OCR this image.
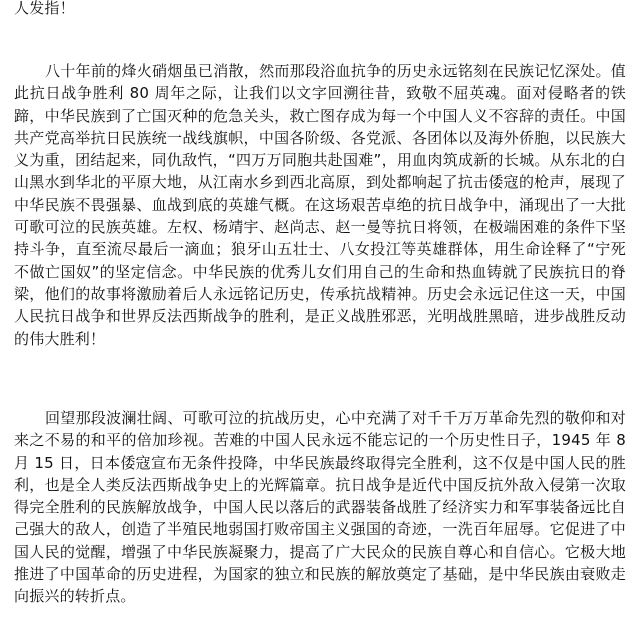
人发指！

八十年前的烽火硝烟虽已消散，然而那段浴血抗争的历史永远铭刻在民族记忆深处。值此抗日战争胜利 80 周年之际，让我们以文字回溯往昔，致敬不屈英魂。面对侵略者的铁蹄，中华民族到了亡国灭种的危急关头，救亡图存成为每一个中国人义不容辞的责任。中国共产党高举抗日民族统一战线旗帜，中国各阶级、各党派、各团体以及海外侨胞，以民族大义为重，团结起来，同仇敌忾，“四万万同胞共赴国难”，用血肉筑成新的长城。从东北的白山黑水到华北的平原大地，从江南水乡到西北高原，到处都响起了抗击倭寇的枪声，展现了中华民族不畏强暴、血战到底的英雄气概。在这场艰苦卓绝的抗日战争中，涌现出了一大批可歌可泣的民族英雄。左权、杨靖宇、赵尚志、赵一曼等抗日将领，在极端困难的条件下坚持斗争，直至流尽最后一滴血；狼牙山五壮士、八女投江等英雄群体，用生命诠释了“宁死不做亡国奴”的坚定信念。中华民族的优秀儿女们用自己的生命和热血铸就了民族抗日的脊梁，他们的故事将激励着后人永远铭记历史，传承抗战精神。历史会永远记住这一天，中国人民抗日战争和世界反法西斯战争的胜利，是正义战胜邪恶，光明战胜黑暗，进步战胜反动的伟大胜利！

回望那段波澜壮阔、可歌可泣的抗战历史，心中充满了对千千万万革命先烈的敬仰和对来之不易的和平的倍加珍视。苦难的中国人民永远不能忘记的一个历史性日子，1945 年 8 月 15 日，日本倭寇宣布无条件投降，中华民族最终取得完全胜利，这不仅是中国人民的胜利，也是全人类反法西斯战争史上的光辉篇章。抗日战争是近代中国反抗外敌入侵第一次取得完全胜利的民族解放战争，中国人民以落后的武器装备战胜了经济实力和军事装备远比自己强大的敌人，创造了半殖民地弱国打败帝国主义强国的奇迹，一洗百年屈辱。它促进了中国人民的觉醒，增强了中华民族凝聚力，提高了广大民众的民族自尊心和自信心。它极大地推进了中国革命的历史进程，为国家的独立和民族的解放奠定了基础，是中华民族由衰败走向振兴的转折点。
